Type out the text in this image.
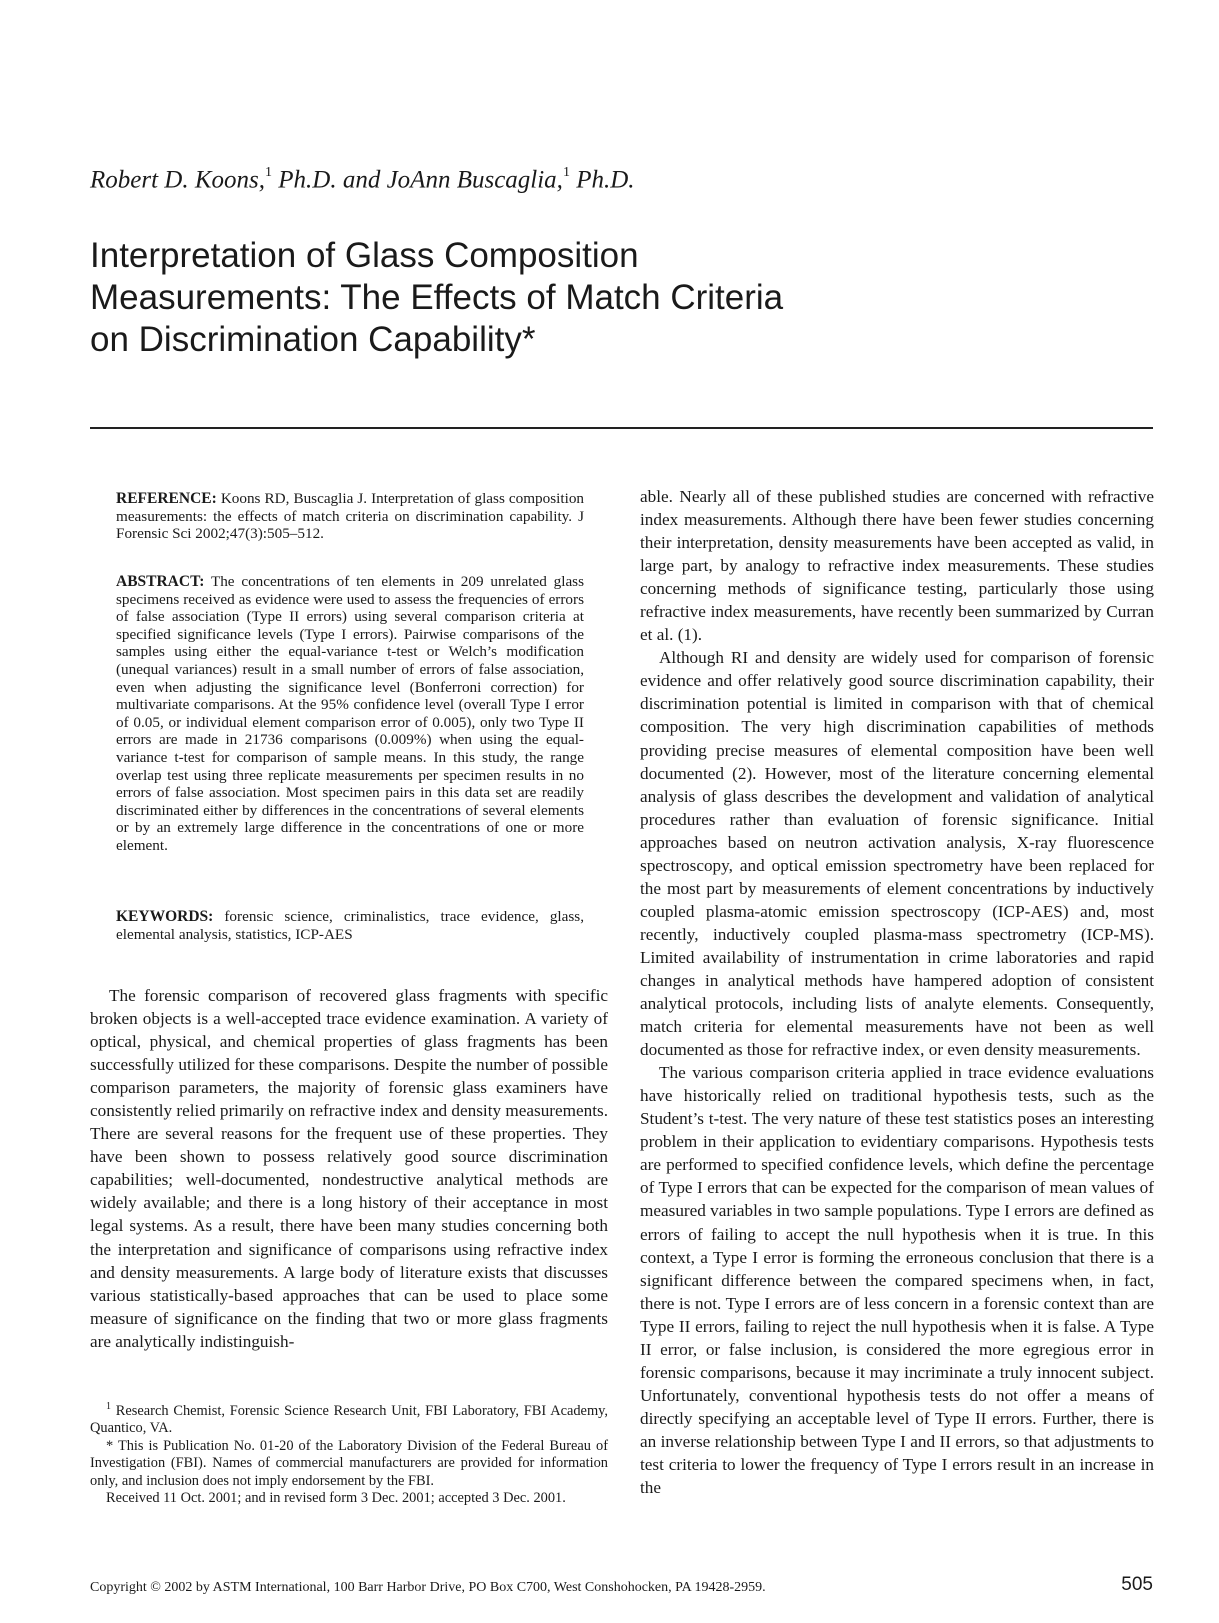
Robert D. Koons,$^1$ Ph.D. and JoAnn Buscaglia,$^1$ Ph.D.
Interpretation of Glass Composition
Measurements: The Effects of Match Criteria
on Discrimination Capability*

REFERENCE: Koons RD, Buscaglia J. Interpretation of glass composition measurements: the effects of match criteria on discrimination capability. J Forensic Sci 2002;47(3):505–512.

ABSTRACT: The concentrations of ten elements in 209 unrelated glass specimens received as evidence were used to assess the frequencies of errors of false association (Type II errors) using several comparison criteria at specified significance levels (Type I errors). Pairwise comparisons of the samples using either the equal-variance t-test or Welch’s modification (unequal variances) result in a small number of errors of false association, even when adjusting the significance level (Bonferroni correction) for multivariate comparisons. At the 95% confidence level (overall Type I error of 0.05, or individual element comparison error of 0.005), only two Type II errors are made in 21736 comparisons (0.009%) when using the equal-variance t-test for comparison of sample means. In this study, the range overlap test using three replicate measurements per specimen results in no errors of false association. Most specimen pairs in this data set are readily discriminated either by differences in the concentrations of several elements or by an extremely large difference in the concentrations of one or more element.

KEYWORDS: forensic science, criminalistics, trace evidence, glass, elemental analysis, statistics, ICP-AES

The forensic comparison of recovered glass fragments with specific broken objects is a well-accepted trace evidence examination. A variety of optical, physical, and chemical properties of glass fragments has been successfully utilized for these comparisons. Despite the number of possible comparison parameters, the majority of forensic glass examiners have consistently relied primarily on refractive index and density measurements. There are several reasons for the frequent use of these properties. They have been shown to possess relatively good source discrimination capabilities; well-documented, nondestructive analytical methods are widely available; and there is a long history of their acceptance in most legal systems. As a result, there have been many studies concerning both the interpretation and significance of comparisons using refractive index and density measurements. A large body of literature exists that discusses various statistically-based approaches that can be used to place some measure of significance on the finding that two or more glass fragments are analytically indistinguish-

$^1$ Research Chemist, Forensic Science Research Unit, FBI Laboratory, FBI Academy, Quantico, VA.

* This is Publication No. 01-20 of the Laboratory Division of the Federal Bureau of Investigation (FBI). Names of commercial manufacturers are provided for information only, and inclusion does not imply endorsement by the FBI.

Received 11 Oct. 2001; and in revised form 3 Dec. 2001; accepted 3 Dec. 2001.

able. Nearly all of these published studies are concerned with refractive index measurements. Although there have been fewer studies concerning their interpretation, density measurements have been accepted as valid, in large part, by analogy to refractive index measurements. These studies concerning methods of significance testing, particularly those using refractive index measurements, have recently been summarized by Curran et al. (1).

Although RI and density are widely used for comparison of forensic evidence and offer relatively good source discrimination capability, their discrimination potential is limited in comparison with that of chemical composition. The very high discrimination capabilities of methods providing precise measures of elemental composition have been well documented (2). However, most of the literature concerning elemental analysis of glass describes the development and validation of analytical procedures rather than evaluation of forensic significance. Initial approaches based on neutron activation analysis, X-ray fluorescence spectroscopy, and optical emission spectrometry have been replaced for the most part by measurements of element concentrations by inductively coupled plasma-atomic emission spectroscopy (ICP-AES) and, most recently, inductively coupled plasma-mass spectrometry (ICP-MS). Limited availability of instrumentation in crime laboratories and rapid changes in analytical methods have hampered adoption of consistent analytical protocols, including lists of analyte elements. Consequently, match criteria for elemental measurements have not been as well documented as those for refractive index, or even density measurements.

The various comparison criteria applied in trace evidence evaluations have historically relied on traditional hypothesis tests, such as the Student’s t-test. The very nature of these test statistics poses an interesting problem in their application to evidentiary comparisons. Hypothesis tests are performed to specified confidence levels, which define the percentage of Type I errors that can be expected for the comparison of mean values of measured variables in two sample populations. Type I errors are defined as errors of failing to accept the null hypothesis when it is true. In this context, a Type I error is forming the erroneous conclusion that there is a significant difference between the compared specimens when, in fact, there is not. Type I errors are of less concern in a forensic context than are Type II errors, failing to reject the null hypothesis when it is false. A Type II error, or false inclusion, is considered the more egregious error in forensic comparisons, because it may incriminate a truly innocent subject. Unfortunately, conventional hypothesis tests do not offer a means of directly specifying an acceptable level of Type II errors. Further, there is an inverse relationship between Type I and II errors, so that adjustments to test criteria to lower the frequency of Type I errors result in an increase in the

Copyright © 2002 by ASTM International, 100 Barr Harbor Drive, PO Box C700, West Conshohocken, PA 19428-2959.	505
